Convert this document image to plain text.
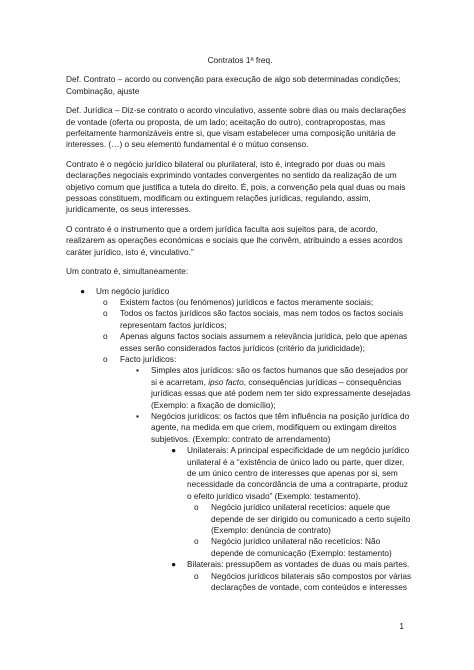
Contratos 1ª freq.

Def. Contrato – acordo ou convenção para execução de algo sob determinadas condições; Combinação, ajuste

Def. Jurídica – Diz-se contrato o acordo vinculativo, assente sobre dias ou mais declarações de vontade (oferta ou proposta, de um lado; aceitação do outro), contrapropostas, mas perfeitamente harmonizáveis entre si, que visam estabelecer uma composição unitária de interesses. (…) o seu elemento fundamental é o mútuo consenso.

Contrato é o negócio jurídico bilateral ou plurilateral, isto é, integrado por duas ou mais declarações negociais exprimindo vontades convergentes no sentido da realização de um objetivo comum que justifica a tutela do direito. É, pois, a convenção pela qual duas ou mais pessoas constituem, modificam ou extinguem relações jurídicas, regulando, assim, juridicamente, os seus interesses.

O contrato é o instrumento que a ordem jurídica faculta aos sujeitos para, de acordo, realizarem as operações económicas e sociais que lhe convêm, atribuindo a esses acordos caráter jurídico, isto é, vinculativo.”

Um contrato é, simultaneamente:

● Um negócio jurídico
o Existem factos (ou fenómenos) jurídicos e factos meramente sociais;
o Todos os factos jurídicos são factos sociais, mas nem todos os factos sociais representam factos jurídicos;
o Apenas alguns factos sociais assumem a relevância jurídica, pelo que apenas esses serão considerados factos jurídicos (critério da juridicidade);
o Facto jurídicos:
▪ Simples atos jurídicos: são os factos humanos que são desejados por si e acarretam, ipso facto, consequências jurídicas – consequências jurídicas essas que até podem nem ter sido expressamente desejadas (Exemplo: a fixação de domicílio);
▪ Negócios jurídicos: os factos que têm influência na posição jurídica do agente, na medida em que criem, modifiquem ou extingam direitos subjetivos. (Exemplo: contrato de arrendamento)
● Unilaterais: A principal especificidade de um negócio jurídico unilateral é a “existência de único lado ou parte, quer dizer, de um único centro de interesses que apenas por si, sem necessidade da concordância de uma a contraparte, produz o efeito jurídico visado” (Exemplo: testamento).
o Negócio jurídico unilateral recetícios: aquele que depende de ser dirigido ou comunicado a certo sujeito (Exemplo: denúncia de contrato)
o Negócio jurídico unilateral não recetícios: Não depende de comunicação (Exemplo: testamento)
● Bilaterais: pressupõem as vontades de duas ou mais partes.
o Negócios jurídicos bilaterais são compostos por várias declarações de vontade, com conteúdos e interesses
1
